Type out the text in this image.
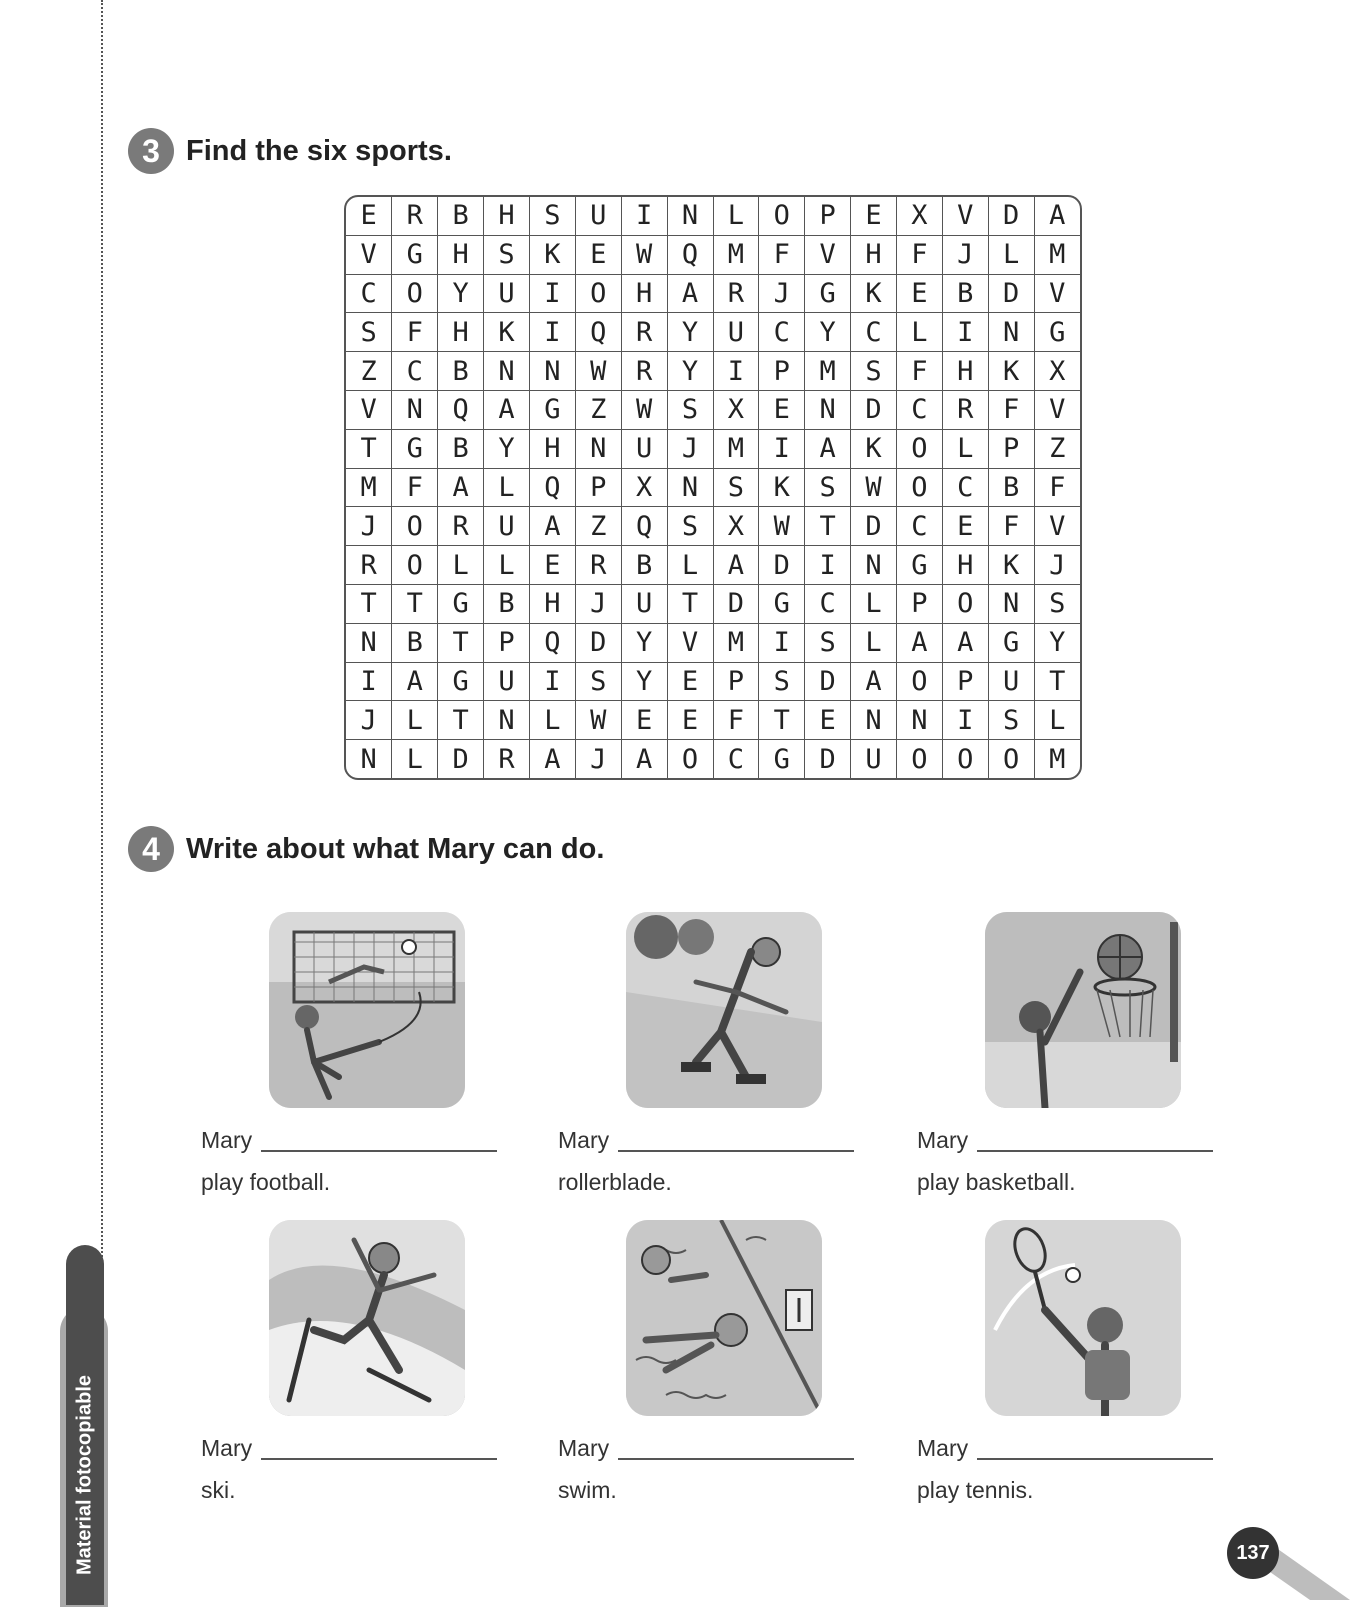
Material fotocopiable
3 Find the six sports.
E	R	B	H	S	U	I	N	L	O	P	E	X	V	D	A
V	G	H	S	K	E	W	Q	M	F	V	H	F	J	L	M
C	O	Y	U	I	O	H	A	R	J	G	K	E	B	D	V
S	F	H	K	I	Q	R	Y	U	C	Y	C	L	I	N	G
Z	C	B	N	N	W	R	Y	I	P	M	S	F	H	K	X
V	N	Q	A	G	Z	W	S	X	E	N	D	C	R	F	V
T	G	B	Y	H	N	U	J	M	I	A	K	O	L	P	Z
M	F	A	L	Q	P	X	N	S	K	S	W	O	C	B	F
J	O	R	U	A	Z	Q	S	X	W	T	D	C	E	F	V
R	O	L	L	E	R	B	L	A	D	I	N	G	H	K	J
T	T	G	B	H	J	U	T	D	G	C	L	P	O	N	S
N	B	T	P	Q	D	Y	V	M	I	S	L	A	A	G	Y
I	A	G	U	I	S	Y	E	P	S	D	A	O	P	U	T
J	L	T	N	L	W	E	E	F	T	E	N	N	I	S	L
N	L	D	R	A	J	A	O	C	G	D	U	O	O	O	M
4 Write about what Mary can do.
Mary
play football.
Mary
rollerblade.
Mary
play basketball.
Mary
ski.
Mary
swim.
Mary
play tennis.
137
